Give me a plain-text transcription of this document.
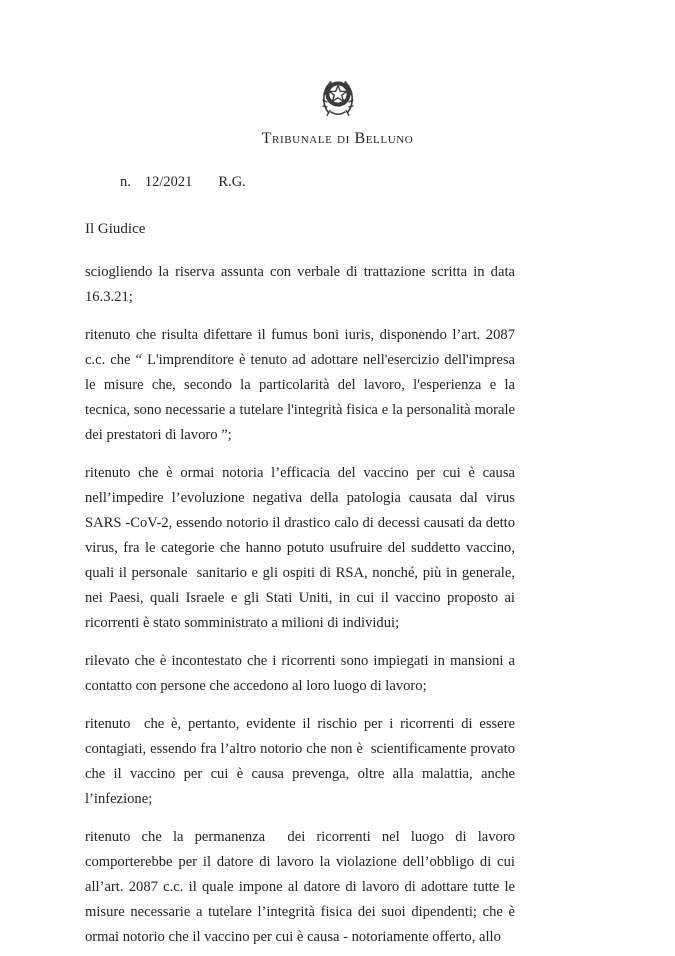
Tribunale di Belluno
n. 12/2021 R.G.
Il Giudice

sciogliendo la riserva assunta con verbale di trattazione scritta in data 16.3.21;

ritenuto che risulta difettare il fumus boni iuris, disponendo l’art. 2087 c.c. che “ L'imprenditore è tenuto ad adottare nell'esercizio dell'impresa le misure che, secondo la particolarità del lavoro, l'esperienza e la tecnica, sono necessarie a tutelare l'integrità fisica e la personalità morale dei prestatori di lavoro ”;

ritenuto che è ormai notoria l’efficacia del vaccino per cui è causa nell’impedire l’evoluzione negativa della patologia causata dal virus SARS -CoV-2, essendo notorio il drastico calo di decessi causati da detto  virus, fra le categorie che hanno potuto usufruire del suddetto vaccino, quali il personale  sanitario e gli ospiti di RSA, nonché, più in generale, nei Paesi, quali Israele e gli Stati Uniti, in cui il vaccino proposto ai ricorrenti è stato somministrato a milioni di individui;

rilevato che è incontestato che i ricorrenti sono impiegati in mansioni a contatto con persone che accedono al loro luogo di lavoro;

ritenuto  che è, pertanto, evidente il rischio per i ricorrenti di essere contagiati, essendo fra l’altro notorio che non è  scientificamente provato che il vaccino per cui è causa prevenga, oltre alla malattia, anche l’infezione;

ritenuto che la permanenza  dei ricorrenti nel luogo di lavoro comporterebbe per il datore di lavoro la violazione dell’obbligo di cui all’art. 2087 c.c. il quale impone al datore di lavoro di adottare tutte le misure necessarie a tutelare l’integrità fisica dei suoi dipendenti; che è ormai notorio che il vaccino per cui è causa - notoriamente offerto, allo
